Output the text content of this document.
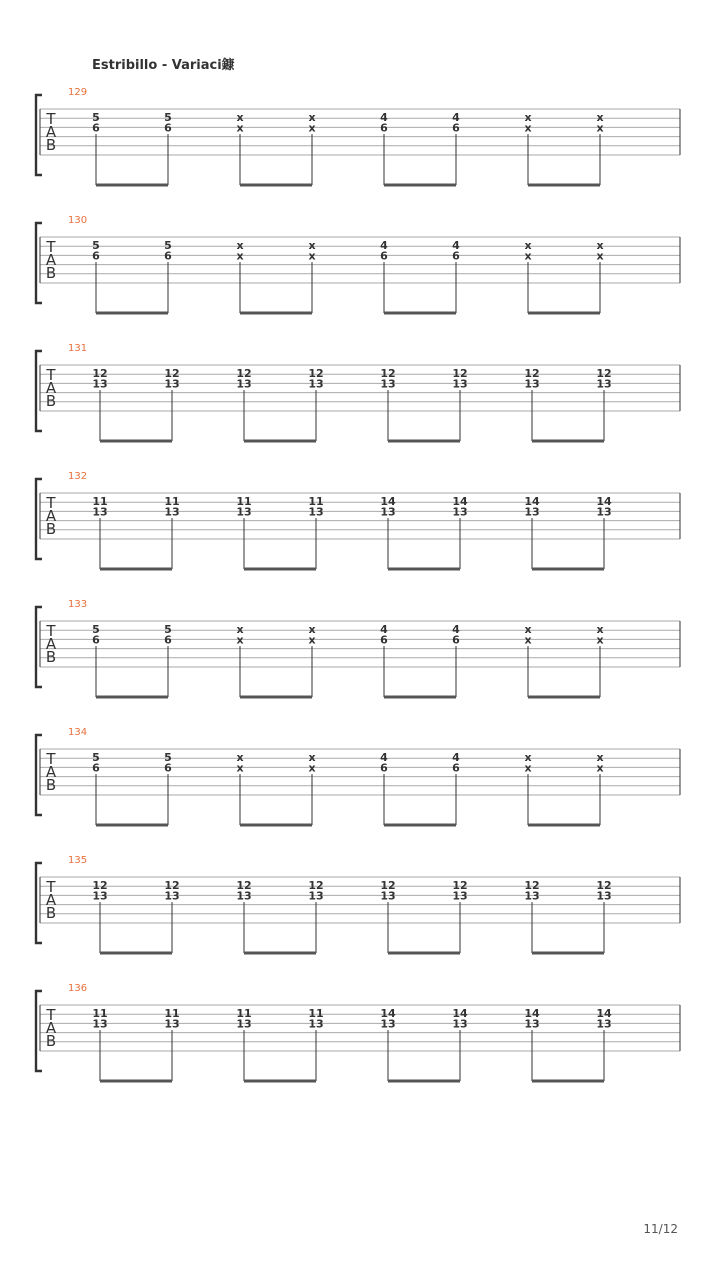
Estribillo - Variaci鏮
129
T
A
B
5
6
5
6
x
x
x
x
4
6
4
6
x
x
x
x
130
T
A
B
5
6
5
6
x
x
x
x
4
6
4
6
x
x
x
x
131
T
A
B
12
13
12
13
12
13
12
13
12
13
12
13
12
13
12
13
132
T
A
B
11
13
11
13
11
13
11
13
14
13
14
13
14
13
14
13
133
T
A
B
5
6
5
6
x
x
x
x
4
6
4
6
x
x
x
x
134
T
A
B
5
6
5
6
x
x
x
x
4
6
4
6
x
x
x
x
135
T
A
B
12
13
12
13
12
13
12
13
12
13
12
13
12
13
12
13
136
T
A
B
11
13
11
13
11
13
11
13
14
13
14
13
14
13
14
13
11/12
